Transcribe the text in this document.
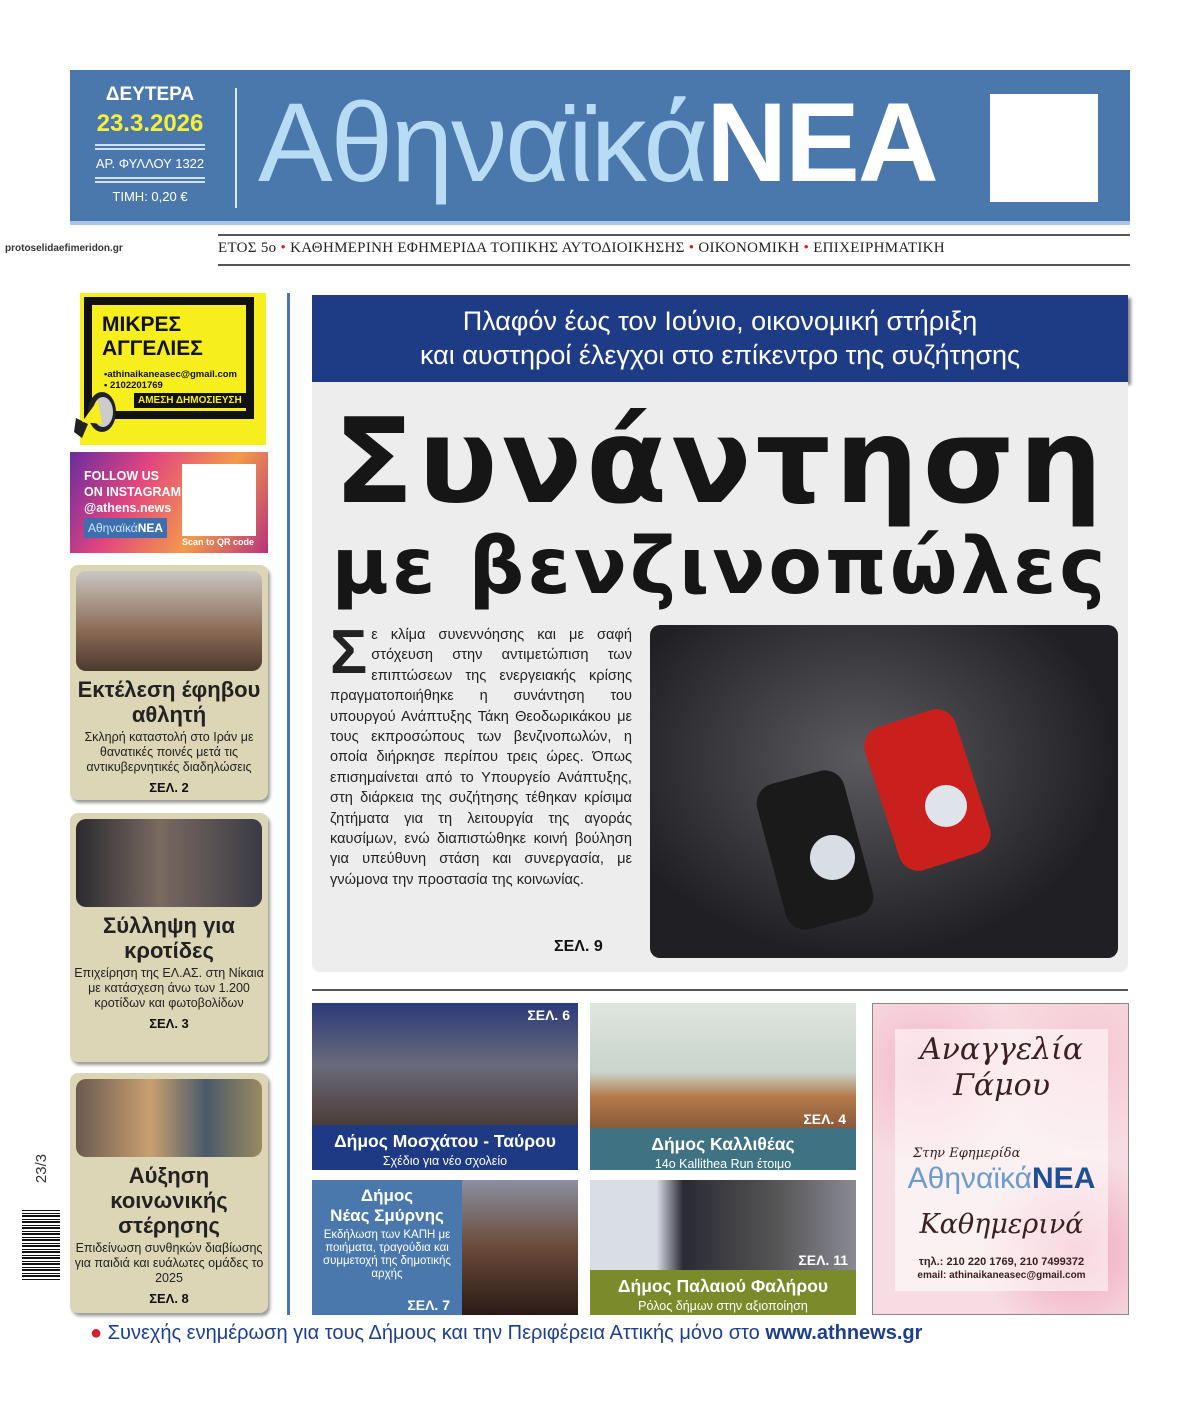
ΔΕΥΤΕΡΑ
23.3.2026
ΑΡ. ΦΥΛΛΟΥ 1322
ΤΙΜΗ: 0,20 € ΑθηναϊκάΝΕΑ
protoselidaefimeridon.gr	ΕΤΟΣ 5ο • ΚΑΘΗΜΕΡΙΝΗ ΕΦΗΜΕΡΙΔΑ ΤΟΠΙΚΗΣ ΑΥΤΟΔΙΟΙΚΗΣΗΣ • ΟΙΚΟΝΟΜΙΚΗ • ΕΠΙΧΕΙΡΗΜΑΤΙΚΗ
ΜΙΚΡΕΣ
ΑΓΓΕΛΙΕΣ
•athinaikaneasec@gmail.com
• 2102201769
ΑΜΕΣΗ ΔΗΜΟΣΙΕΥΣΗ
FOLLOW US
ON INSTAGRAM
@athens.news
ΑθηναϊκάΝΕΑ
Scan to QR code
Εκτέλεση έφηβου αθλητή

Σκληρή καταστολή στο Ιράν με θανατικές ποινές μετά τις αντικυβερνητικές διαδηλώσεις

ΣΕΛ. 2
Σύλληψη για κροτίδες

Επιχείρηση της ΕΛ.ΑΣ. στη Νίκαια με κατάσχεση άνω των 1.200 κροτίδων και φωτοβολίδων

ΣΕΛ. 3
Αύξηση κοινωνικής στέρησης

Επιδείνωση συνθηκών διαβίωσης για παιδιά και ευάλωτες ομάδες το 2025

ΣΕΛ. 8
Πλαφόν έως τον Ιούνιο, οικονομική στήριξη
και αυστηροί έλεγχοι στο επίκεντρο της συζήτησης
Συνάντηση
με βενζινοπώλες
Σε κλίμα συνεννόησης και με σαφή στόχευση στην αντιμετώπιση των επιπτώσεων της ενεργειακής κρίσης πραγματοποιήθηκε η συνάντηση του υπουργού Ανάπτυξης Τάκη Θεοδωρικάκου με τους εκπροσώπους των βενζινοπωλών, η οποία διήρκησε περίπου τρεις ώρες. Όπως επισημαίνεται από το Υπουργείο Ανάπτυξης, στη διάρκεια της συζήτησης τέθηκαν κρίσιμα ζητήματα για τη λειτουργία της αγοράς καυσίμων, ενώ διαπιστώθηκε κοινή βούληση για υπεύθυνη στάση και συνεργασία, με γνώμονα την προστασία της κοινωνίας.
ΣΕΛ. 9
ΣΕΛ. 6
Δήμος Μοσχάτου - Ταύρου
Σχέδιο για νέο σχολείο
ΣΕΛ. 4
Δήμος Καλλιθέας
14ο Kallithea Run έτοιμο
Δήμος
Νέας Σμύρνης
Εκδήλωση των ΚΑΠΗ με ποιήματα, τραγούδια και συμμετοχή της δημοτικής αρχής
ΣΕΛ. 7
ΣΕΛ. 11
Δήμος Παλαιού Φαλήρου
Ρόλος δήμων στην αξιοποίηση
Αναγγελία
Γάμου
Στην Εφημερίδα
ΑθηναϊκάΝΕΑ
Καθημερινά
τηλ.: 210 220 1769, 210 7499372
email: athinaikaneasec@gmail.com
23/3
● Συνεχής ενημέρωση για τους Δήμους και την Περιφέρεια Αττικής μόνο στο www.athnews.gr
